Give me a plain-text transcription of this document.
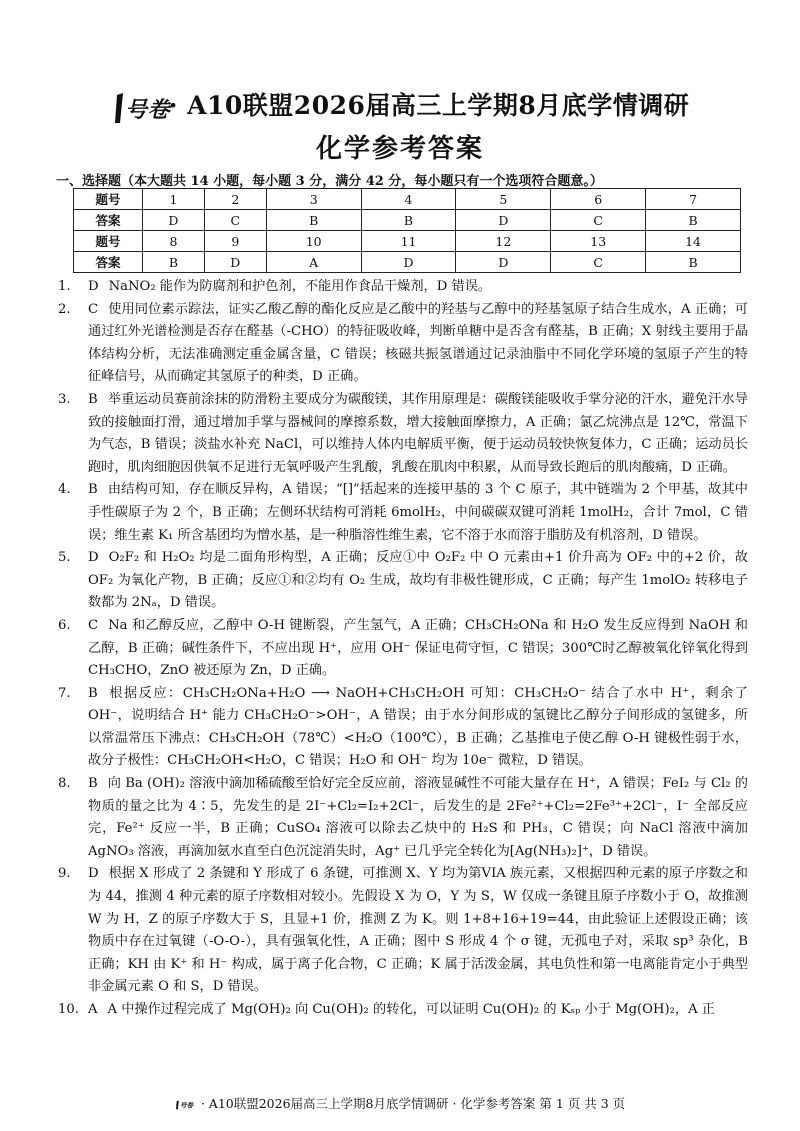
号卷
· A10联盟2026届高三上学期8月底学情调研
化学参考答案
一、选择题（本大题共 14 小题，每小题 3 分，满分 42 分，每小题只有一个选项符合题意。）
题号	1	2	3	4	5	6	7
答案	D	C	B	B	D	C	B
题号	8	9	10	11	12	13	14
答案	B	D	A	D	D	C	B

1. D NaNO₂ 能作为防腐剂和护色剂，不能用作食品干燥剂，D 错误。

2. C 使用同位素示踪法，证实乙酸乙醇的酯化反应是乙酸中的羟基与乙醇中的羟基氢原子结合生成水，A 正确；可通过红外光谱检测是否存在醛基（-CHO）的特征吸收峰，判断单糖中是否含有醛基，B 正确；X 射线主要用于晶体结构分析，无法准确测定重金属含量，C 错误；核磁共振氢谱通过记录油脂中不同化学环境的氢原子产生的特征峰信号，从而确定其氢原子的种类，D 正确。

3. B 举重运动员赛前涂抹的防滑粉主要成分为碳酸镁，其作用原理是：碳酸镁能吸收手掌分泌的汗水，避免汗水导致的接触面打滑，通过增加手掌与器械间的摩擦系数，增大接触面摩擦力，A 正确；氯乙烷沸点是 12℃，常温下为气态，B 错误；淡盐水补充 NaCl，可以维持人体内电解质平衡，便于运动员较快恢复体力，C 正确；运动员长跑时，肌肉细胞因供氧不足进行无氧呼吸产生乳酸，乳酸在肌肉中积累，从而导致长跑后的肌肉酸痛，D 正确。

4. B 由结构可知，存在顺反异构，A 错误；“[]”括起来的连接甲基的 3 个 C 原子，其中链端为 2 个甲基，故其中手性碳原子为 2 个，B 正确；左侧环状结构可消耗 6molH₂，中间碳碳双键可消耗 1molH₂，合计 7mol，C 错误；维生素 K₁ 所含基团均为憎水基，是一种脂溶性维生素，它不溶于水而溶于脂肪及有机溶剂，D 错误。

5. D O₂F₂ 和 H₂O₂ 均是二面角形构型，A 正确；反应①中 O₂F₂ 中 O 元素由+1 价升高为 OF₂ 中的+2 价，故 OF₂ 为氧化产物，B 正确；反应①和②均有 O₂ 生成，故均有非极性键形成，C 正确；每产生 1molO₂ 转移电子数都为 2Nₐ，D 错误。

6. C Na 和乙醇反应，乙醇中 O-H 键断裂，产生氢气，A 正确；CH₃CH₂ONa 和 H₂O 发生反应得到 NaOH 和乙醇，B 正确；碱性条件下，不应出现 H⁺，应用 OH⁻ 保证电荷守恒，C 错误；300℃时乙醇被氧化锌氧化得到 CH₃CHO，ZnO 被还原为 Zn，D 正确。

7. B 根据反应：CH₃CH₂ONa+H₂O ⟶ NaOH+CH₃CH₂OH 可知：CH₃CH₂O⁻ 结合了水中 H⁺，剩余了 OH⁻，说明结合 H⁺ 能力 CH₃CH₂O⁻>OH⁻，A 错误；由于水分间形成的氢键比乙醇分子间形成的氢键多，所以常温常压下沸点：CH₃CH₂OH（78℃）<H₂O（100℃），B 正确；乙基推电子使乙醇 O-H 键极性弱于水，故分子极性：CH₃CH₂OH<H₂O，C 错误；H₂O 和 OH⁻ 均为 10e⁻ 微粒，D 错误。

8. B 向 Ba (OH)₂ 溶液中滴加稀硫酸至恰好完全反应前，溶液显碱性不可能大量存在 H⁺，A 错误；FeI₂ 与 Cl₂ 的物质的量之比为 4∶5，先发生的是 2I⁻+Cl₂=I₂+2Cl⁻，后发生的是 2Fe²⁺+Cl₂=2Fe³⁺+2Cl⁻，I⁻ 全部反应完，Fe²⁺ 反应一半，B 正确；CuSO₄ 溶液可以除去乙炔中的 H₂S 和 PH₃，C 错误；向 NaCl 溶液中滴加 AgNO₃ 溶液，再滴加氨水直至白色沉淀消失时，Ag⁺ 已几乎完全转化为[Ag(NH₃)₂]⁺，D 错误。

9. D 根据 X 形成了 2 条键和 Y 形成了 6 条键，可推测 X、Y 均为第VIA 族元素，又根据四种元素的原子序数之和为 44，推测 4 种元素的原子序数相对较小。先假设 X 为 O，Y 为 S，W 仅成一条键且原子序数小于 O，故推测 W 为 H，Z 的原子序数大于 S，且显+1 价，推测 Z 为 K。则 1+8+16+19=44，由此验证上述假设正确；该物质中存在过氧键（-O-O-），具有强氧化性，A 正确；图中 S 形成 4 个 σ 键，无孤电子对，采取 sp³ 杂化，B 正确；KH 由 K⁺ 和 H⁻ 构成，属于离子化合物，C 正确；K 属于活泼金属，其电负性和第一电离能肯定小于典型非金属元素 O 和 S，D 错误。

10. A A 中操作过程完成了 Mg(OH)₂ 向 Cu(OH)₂ 的转化，可以证明 Cu(OH)₂ 的 Kₛₚ 小于 Mg(OH)₂，A 正

号卷 · A10联盟2026届高三上学期8月底学情调研 · 化学参考答案 第 1 页 共 3 页
